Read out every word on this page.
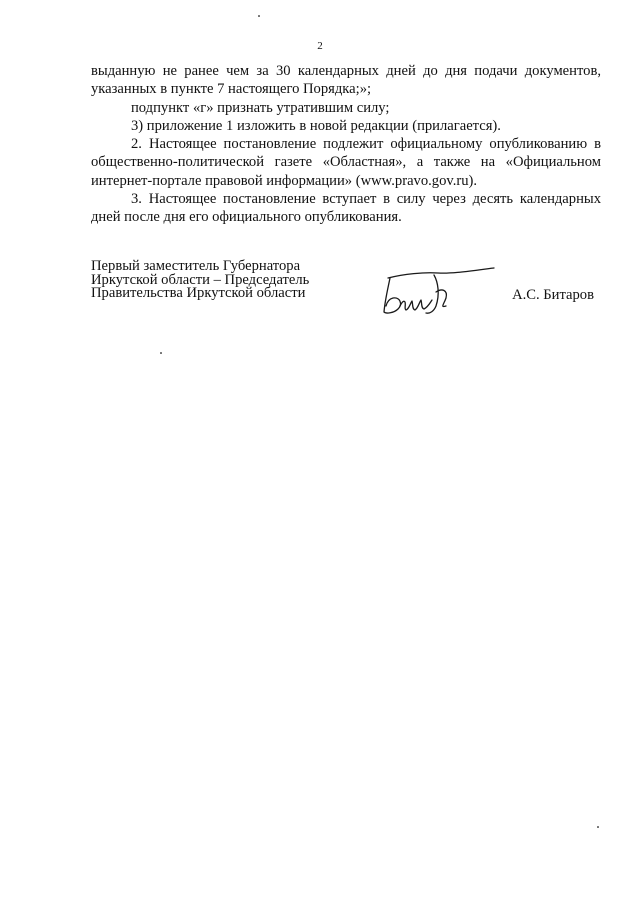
2

выданную не ранее чем за 30 календарных дней до дня подачи документов, указанных в пункте 7 настоящего Порядка;»;

подпункт «г» признать утратившим силу;

3) приложение 1 изложить в новой редакции (прилагается).

2. Настоящее постановление подлежит официальному опубликованию в общественно-политической газете «Областная», а также на «Официальном интернет-портале правовой информации» (www.pravo.gov.ru).

3. Настоящее постановление вступает в силу через десять календарных дней после дня его официального опубликования.

Первый заместитель Губернатора
Иркутской области – Председатель
Правительства Иркутской области	А.С. Битаров
